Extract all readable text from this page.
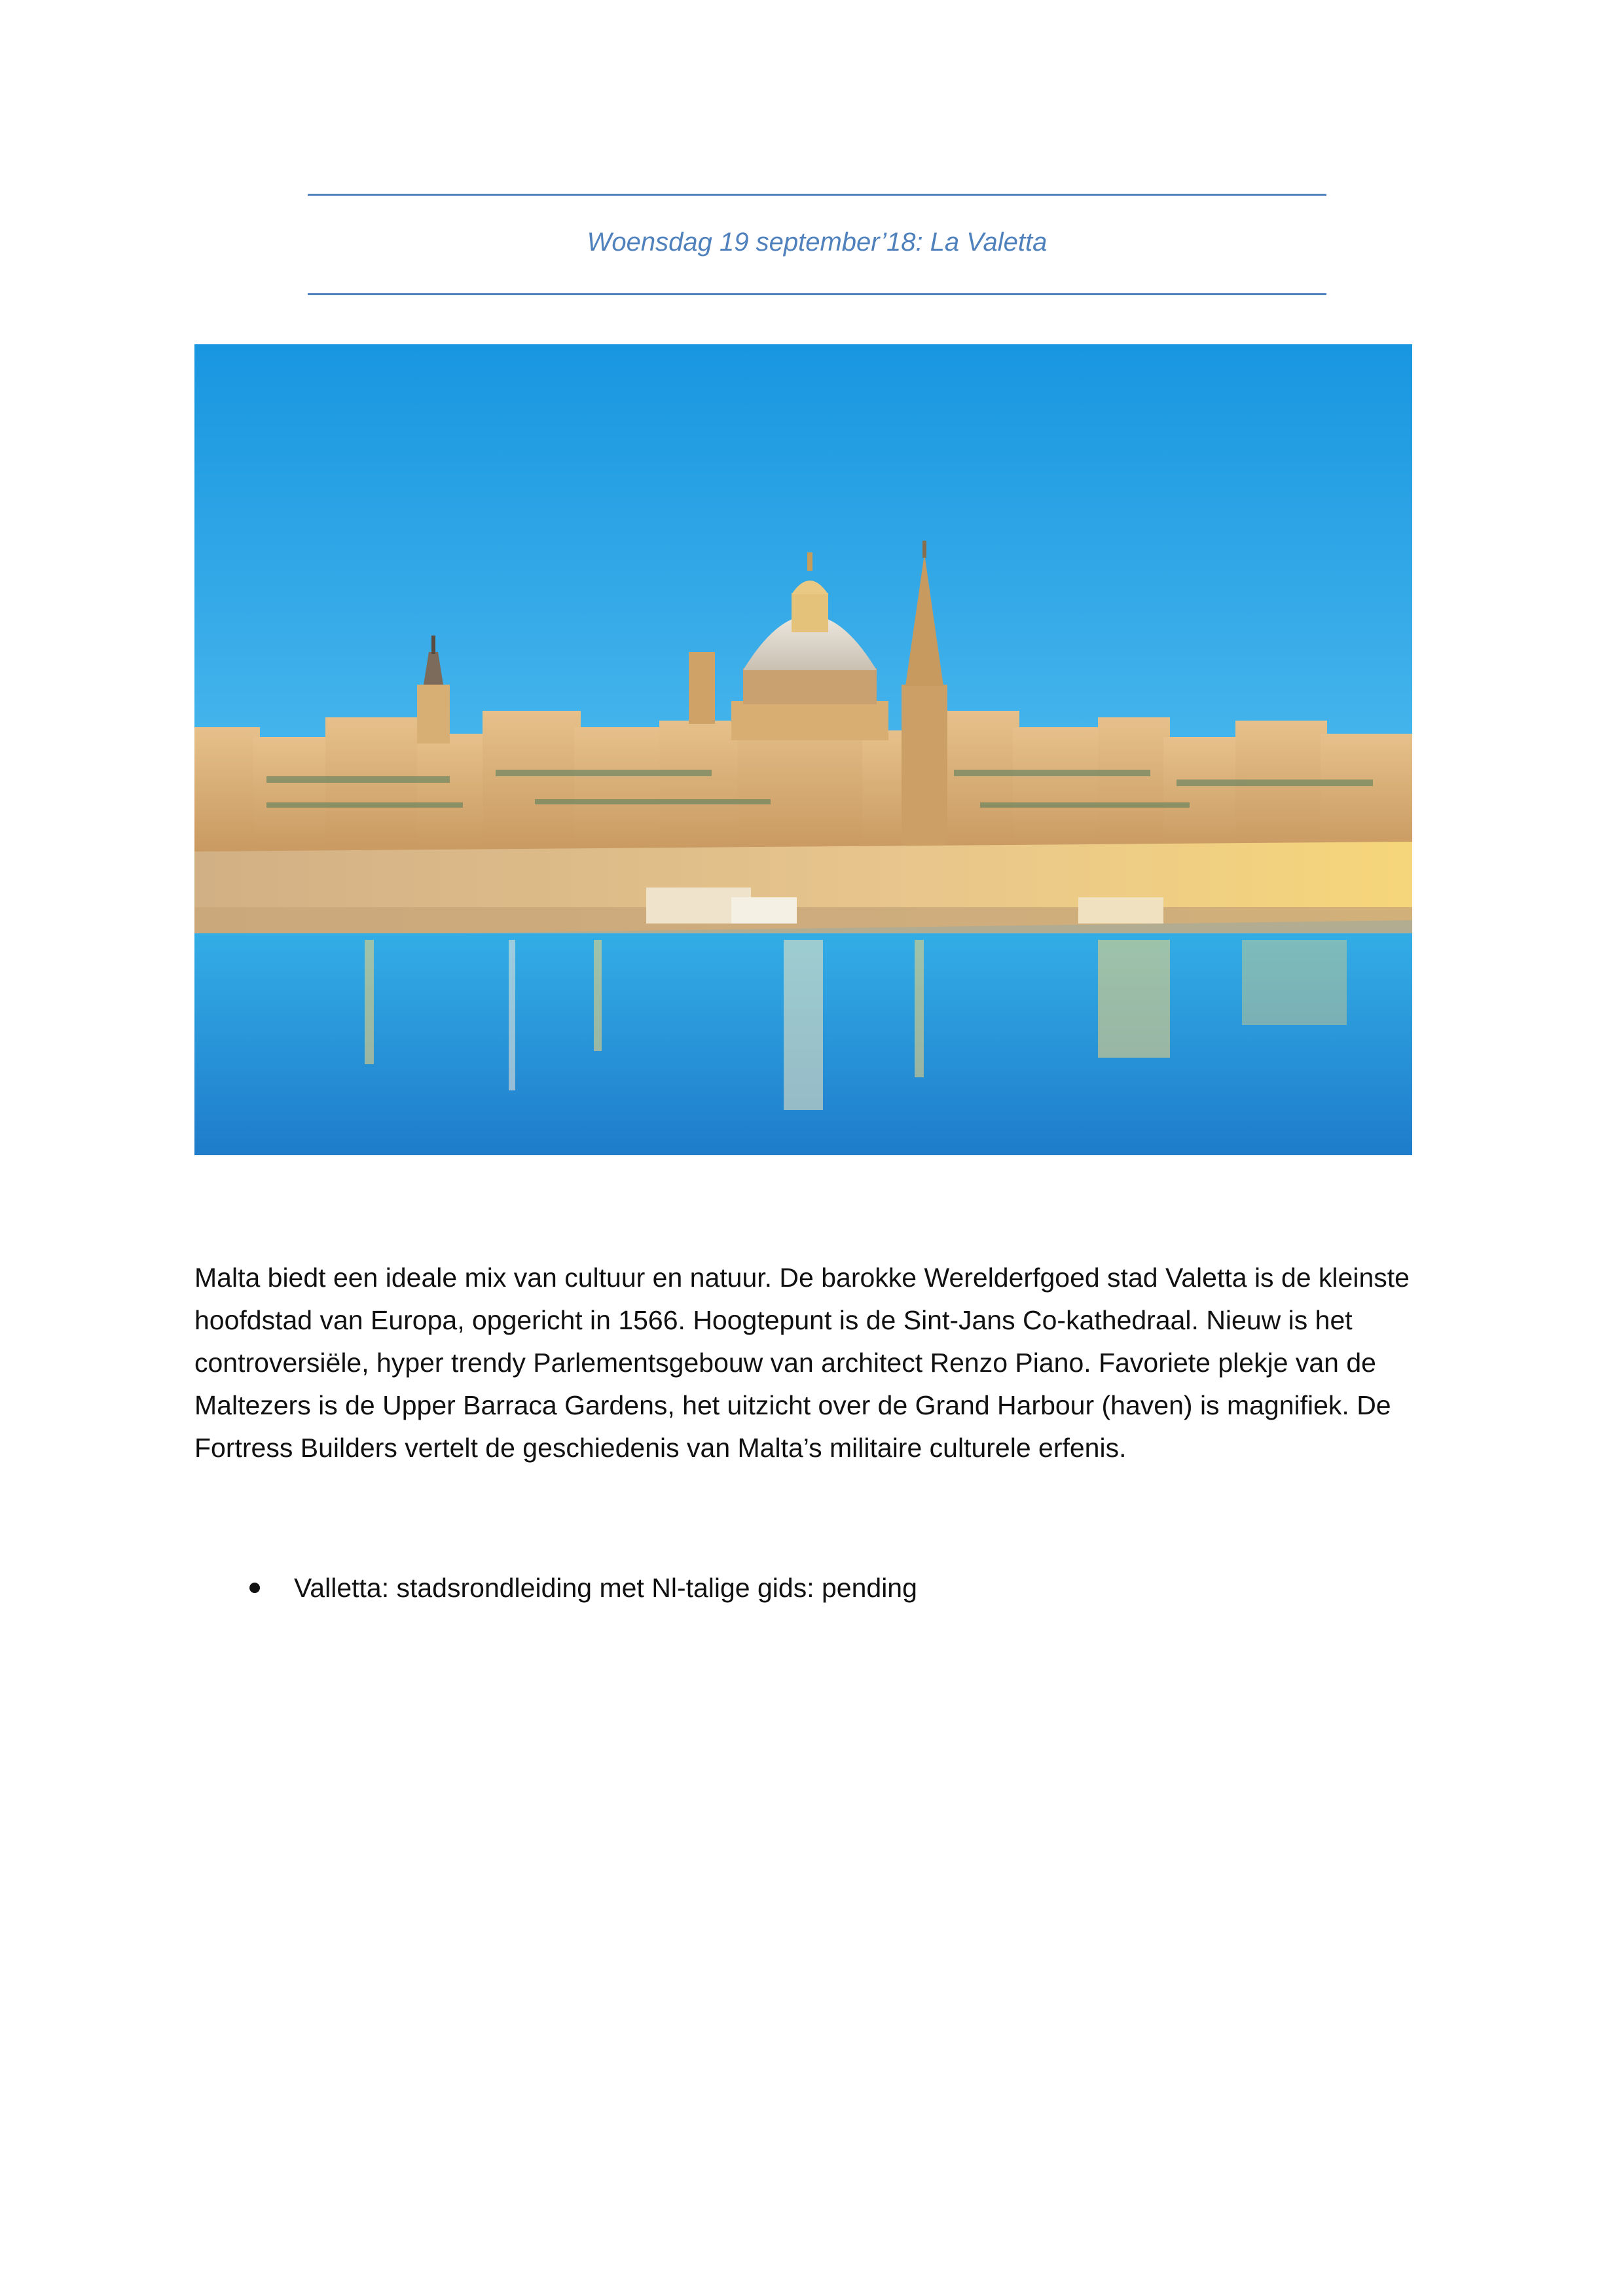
Woensdag 19 september’18: La Valetta

Malta biedt een ideale mix van cultuur en natuur. De barokke Werelderfgoed stad Valetta is de kleinste hoofdstad van Europa, opgericht in 1566. Hoogtepunt is de Sint-Jans Co-kathedraal. Nieuw is het controversiële, hyper trendy Parlementsgebouw van architect Renzo Piano. Favoriete plekje van de Maltezers is de Upper Barraca Gardens, het uitzicht over de Grand Harbour (haven) is magnifiek. De Fortress Builders vertelt de geschiedenis van Malta’s militaire culturele erfenis.

Valletta: stadsrondleiding met Nl-talige gids: pending
